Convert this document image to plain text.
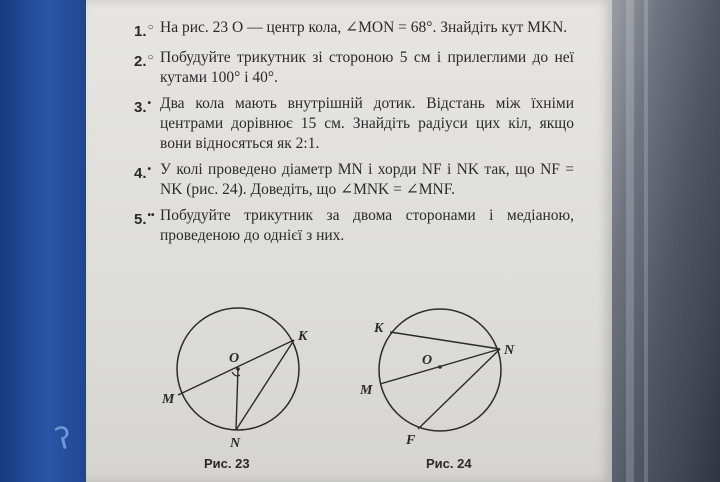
ʔ
1.○ На рис. 23 O — центр кола, ∠MON = 68°. Знайдіть кут MKN.
2.○ Побудуйте трикутник зі стороною 5 см і прилеглими до неї кутами 100° і 40°.
3.• Два кола мають внутрішній дотик. Відстань між їхніми центрами дорівнює 15 см. Знайдіть радіуси цих кіл, якщо вони відносяться як 2:1.
4.• У колі проведено діаметр MN і хорди NF і NK так, що NF = NK (рис. 24). Доведіть, що ∠MNK = ∠MNF.
5.•• Побудуйте трикутник за двома сторонами і медіаною, проведеною до однієї з них.
O
K
M
N
Рис. 23
O
K
N
M
F
Рис. 24
